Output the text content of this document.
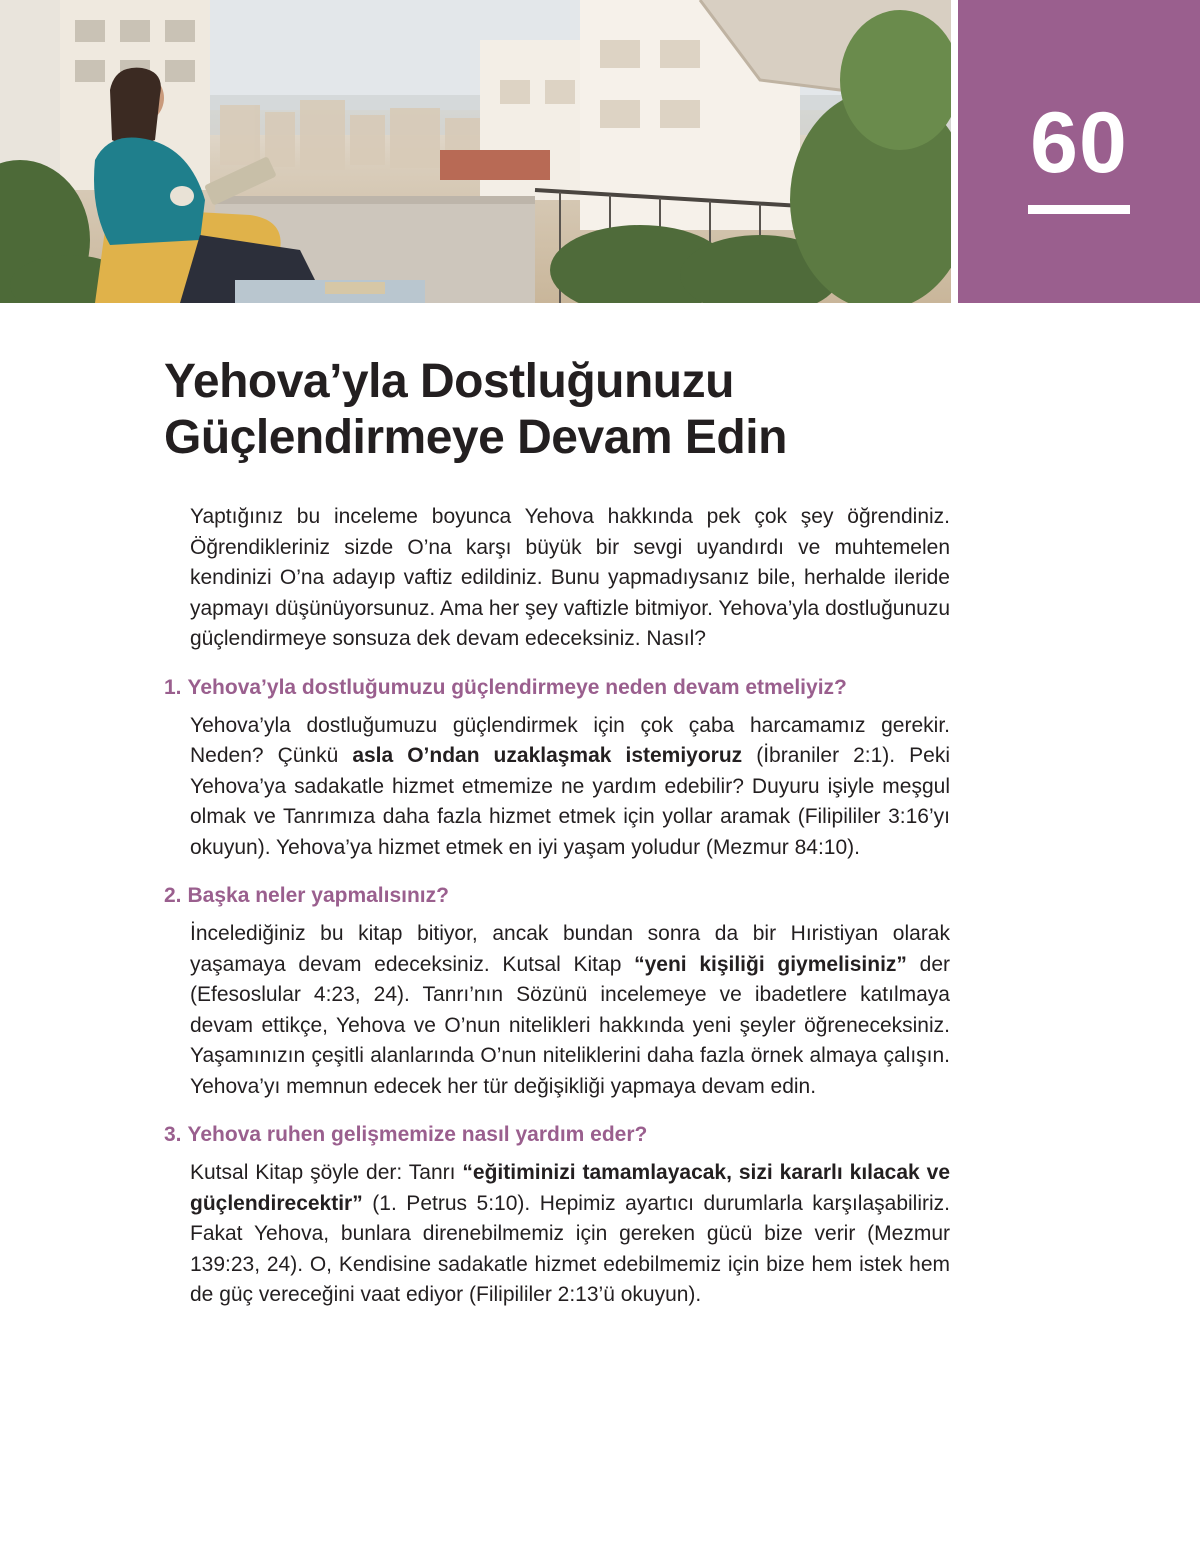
60
Yehova’yla Dostluğunuzu
Güçlendirmeye Devam Edin

Yaptığınız bu inceleme boyunca Yehova hakkında pek çok şey öğrendiniz. Öğrendikleriniz sizde O’na karşı büyük bir sevgi uyandırdı ve muhtemelen kendinizi O’na adayıp vaftiz edildiniz. Bunu yapmadıysanız bile, herhalde ileride yapmayı düşünüyorsunuz. Ama her şey vaftizle bitmiyor. Yehova’yla dostluğunuzu güçlendirmeye sonsuza dek devam edeceksiniz. Nasıl?

1. Yehova’yla dostluğumuzu güçlendirmeye neden devam etmeliyiz?

Yehova’yla dostluğumuzu güçlendirmek için çok çaba harcamamız gerekir. Neden? Çünkü asla O’ndan uzaklaşmak istemiyoruz (İbraniler 2:1). Peki Yehova’ya sadakatle hizmet etmemize ne yardım edebilir? Duyuru işiyle meşgul olmak ve Tanrımıza daha fazla hizmet etmek için yollar aramak (Filipililer 3:16’yı okuyun). Yehova’ya hizmet etmek en iyi yaşam yoludur (Mezmur 84:10).

2. Başka neler yapmalısınız?

İncelediğiniz bu kitap bitiyor, ancak bundan sonra da bir Hıristiyan olarak yaşamaya devam edeceksiniz. Kutsal Kitap “yeni kişiliği giymelisiniz” der (Efesoslular 4:23, 24). Tanrı’nın Sözünü incelemeye ve ibadetlere katılmaya devam ettikçe, Yehova ve O’nun nitelikleri hakkında yeni şeyler öğreneceksiniz. Yaşamınızın çeşitli alanlarında O’nun niteliklerini daha fazla örnek almaya çalışın. Yehova’yı memnun edecek her tür değişikliği yapmaya devam edin.

3. Yehova ruhen gelişmemize nasıl yardım eder?

Kutsal Kitap şöyle der: Tanrı “eğitiminizi tamamlayacak, sizi kararlı kılacak ve güçlendirecektir” (1. Petrus 5:10). Hepimiz ayartıcı durumlarla karşılaşabiliriz. Fakat Yehova, bunlara direnebilmemiz için gereken gücü bize verir (Mezmur 139:23, 24). O, Kendisine sadakatle hizmet edebilmemiz için bize hem istek hem de güç vereceğini vaat ediyor (Filipililer 2:13’ü okuyun).
